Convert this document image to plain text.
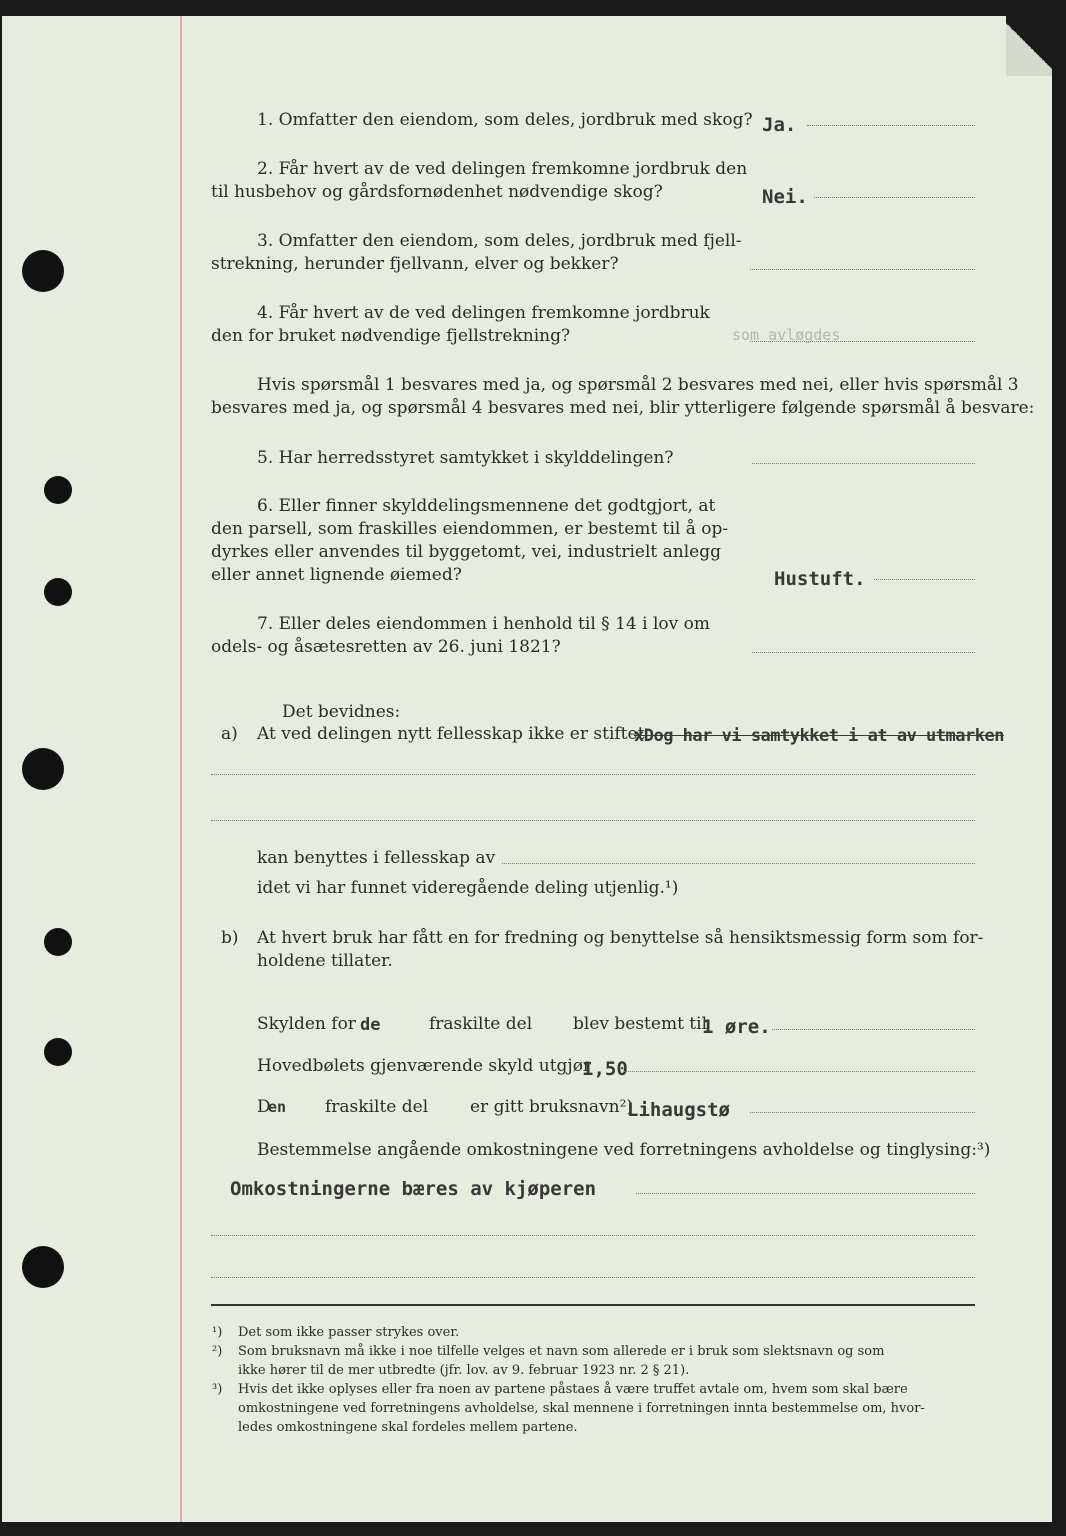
1. Omfatter den eiendom, som deles, jordbruk med skog? Ja.
2. Får hvert av de ved delingen fremkomne jordbruk den
til husbehov og gårdsfornødenhet nødvendige skog?	Nei.
3. Omfatter den eiendom, som deles, jordbruk med fjell-
strekning, herunder fjellvann, elver og bekker?
4. Får hvert av de ved delingen fremkomne jordbruk
den for bruket nødvendige fjellstrekning?	som avløgdes
Hvis spørsmål 1 besvares med ja, og spørsmål 2 besvares med nei, eller hvis spørsmål 3
besvares med ja, og spørsmål 4 besvares med nei, blir ytterligere følgende spørsmål å besvare:
5. Har herredsstyret samtykket i skylddelingen?
6. Eller finner skylddelingsmennene det godtgjort, at
den parsell, som fraskilles eiendommen, er bestemt til å op-
dyrkes eller anvendes til byggetomt, vei, industrielt anlegg
eller annet lignende øiemed?	Hustuft.
7. Eller deles eiendommen i henhold til § 14 i lov om
odels- og åsætesretten av 26. juni 1821?
Det bevidnes:
a) At ved delingen nytt fellesskap ikke er stiftet
xDog har vi samtykket i at av utmarken
kan benyttes i fellesskap av
idet vi har funnet videregående deling utjenlig.¹)
b) At hvert bruk har fått en for fredning og benyttelse så hensiktsmessig form som for-
holdene tillater.
Skylden for de	fraskilte del blev bestemt til
1 øre.
Hovedbølets gjenværende skyld utgjør
1,50
D
en fraskilte del er gitt bruksnavn²)
Lihaugstø
Bestemmelse angående omkostningene ved forretningens avholdelse og tinglysing:³)
Omkostningerne bæres av kjøperen
¹) Det som ikke passer strykes over.
²) Som bruksnavn må ikke i noe tilfelle velges et navn som allerede er i bruk som slektsnavn og som
ikke hører til de mer utbredte (jfr. lov. av 9. februar 1923 nr. 2 § 21).
³) Hvis det ikke oplyses eller fra noen av partene påstaes å være truffet avtale om, hvem som skal bære
omkostningene ved forretningens avholdelse, skal mennene i forretningen innta bestemmelse om, hvor-
ledes omkostningene skal fordeles mellem partene.
